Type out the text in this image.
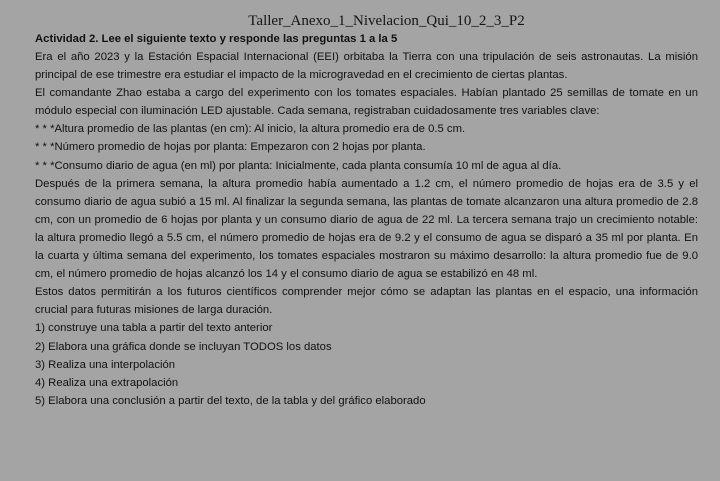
Taller_Anexo_1_Nivelacion_Qui_10_2_3_P2

Actividad 2. Lee el siguiente texto y responde las preguntas 1 a la 5

Era el año 2023 y la Estación Espacial Internacional (EEI) orbitaba la Tierra con una tripulación de seis astronautas. La misión principal de ese trimestre era estudiar el impacto de la microgravedad en el crecimiento de ciertas plantas.

El comandante Zhao estaba a cargo del experimento con los tomates espaciales. Habían plantado 25 semillas de tomate en un módulo especial con iluminación LED ajustable. Cada semana, registraban cuidadosamente tres variables clave:

* * *Altura promedio de las plantas (en cm): Al inicio, la altura promedio era de 0.5 cm.

* * *Número promedio de hojas por planta: Empezaron con 2 hojas por planta.

* * *Consumo diario de agua (en ml) por planta: Inicialmente, cada planta consumía 10 ml de agua al día.

Después de la primera semana, la altura promedio había aumentado a 1.2 cm, el número promedio de hojas era de 3.5 y el consumo diario de agua subió a 15 ml. Al finalizar la segunda semana, las plantas de tomate alcanzaron una altura promedio de 2.8 cm, con un promedio de 6 hojas por planta y un consumo diario de agua de 22 ml. La tercera semana trajo un crecimiento notable: la altura promedio llegó a 5.5 cm, el número promedio de hojas era de 9.2 y el consumo de agua se disparó a 35 ml por planta. En la cuarta y última semana del experimento, los tomates espaciales mostraron su máximo desarrollo: la altura promedio fue de 9.0 cm, el número promedio de hojas alcanzó los 14 y el consumo diario de agua se estabilizó en 48 ml.

Estos datos permitirán a los futuros científicos comprender mejor cómo se adaptan las plantas en el espacio, una información crucial para futuras misiones de larga duración.

1) construye una tabla a partir del texto anterior

2) Elabora una gráfica donde se incluyan TODOS los datos

3) Realiza una interpolación

4) Realiza una extrapolación

5) Elabora una conclusión a partir del texto, de la tabla y del gráfico elaborado
